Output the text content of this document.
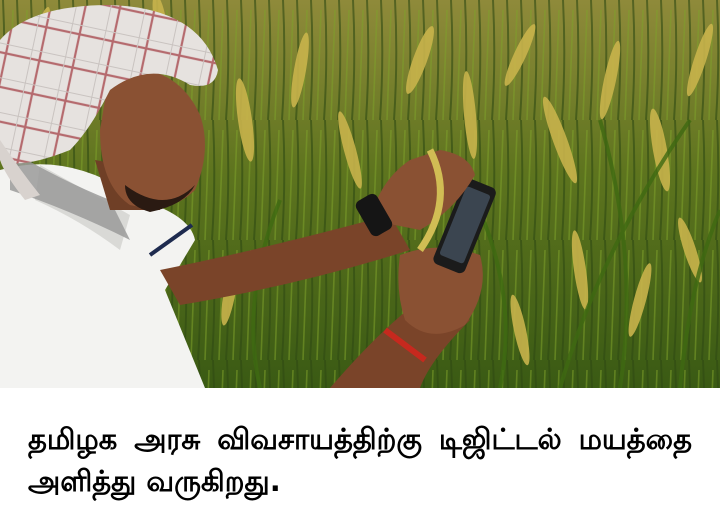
தமிழக அரசு விவசாயத்திற்கு டிஜிட்டல் மயத்தை அளித்து வருகிறது.
